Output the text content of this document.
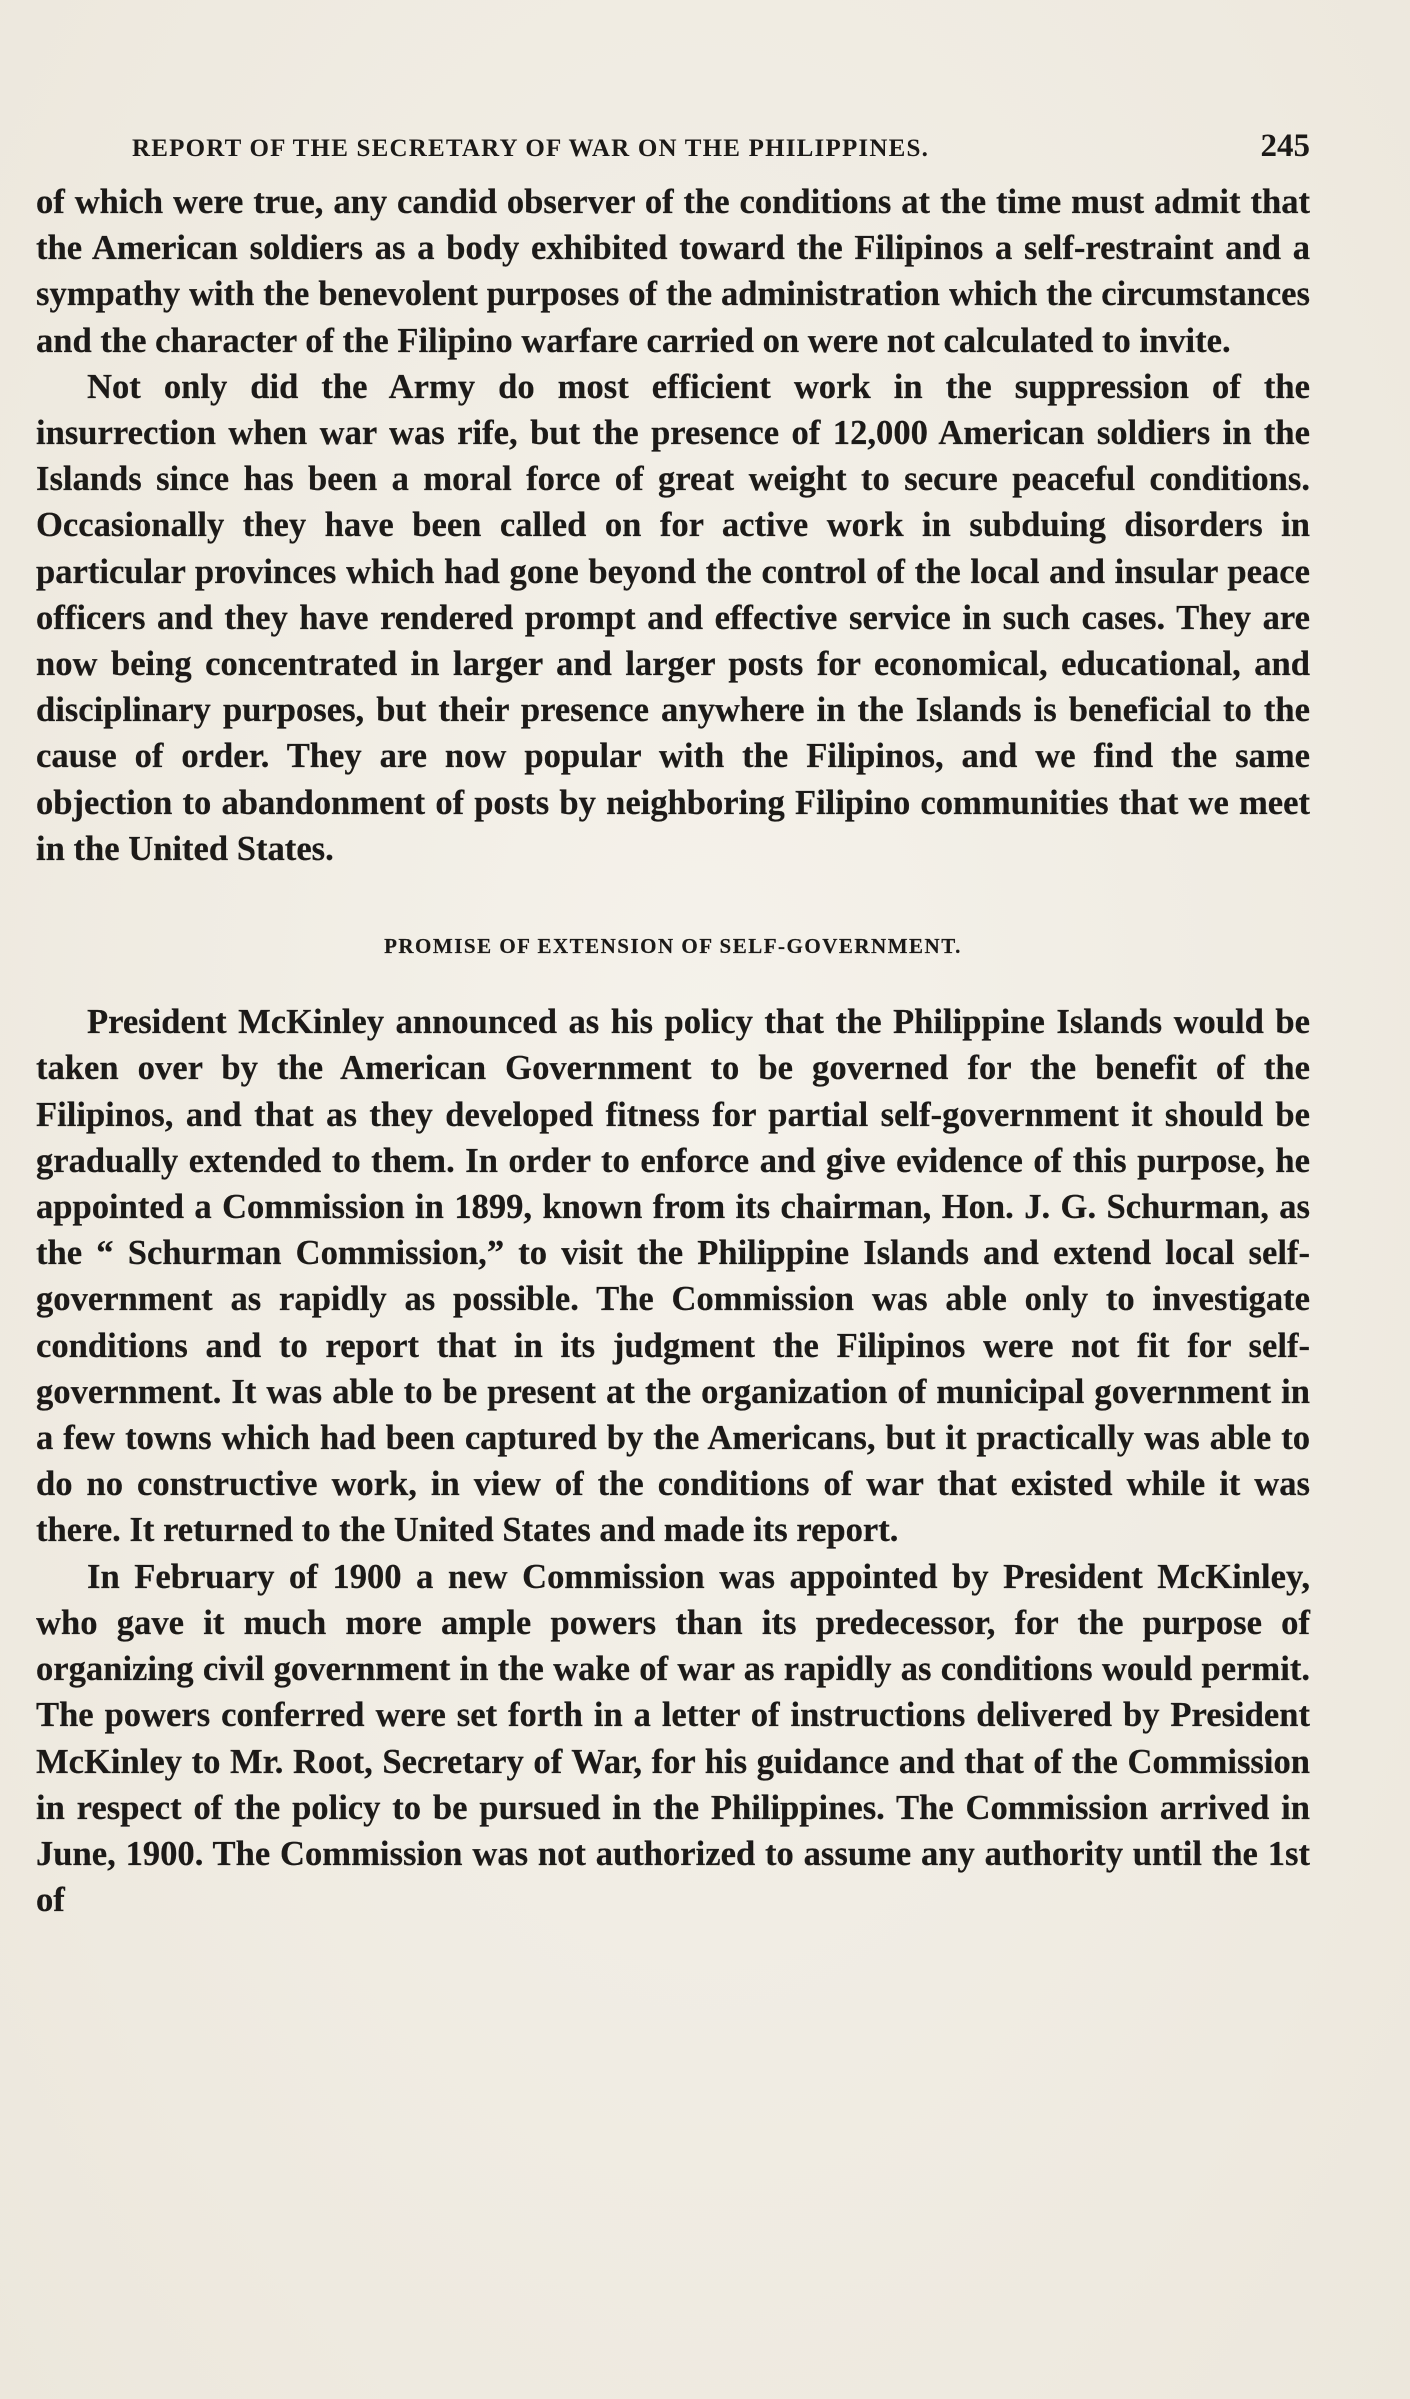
REPORT OF THE SECRETARY OF WAR ON THE PHILIPPINES.	245

of which were true, any candid observer of the conditions at the time must admit that the American soldiers as a body exhibited toward the Filipinos a self-restraint and a sympathy with the benevolent purposes of the administration which the circumstances and the character of the Filipino warfare carried on were not calculated to invite.

Not only did the Army do most efficient work in the suppression of the insurrection when war was rife, but the presence of 12,000 American soldiers in the Islands since has been a moral force of great weight to secure peaceful conditions. Occasionally they have been called on for active work in subduing disorders in particular provinces which had gone beyond the control of the local and insular peace officers and they have rendered prompt and effective service in such cases. They are now being concentrated in larger and larger posts for economical, educational, and disciplinary purposes, but their presence anywhere in the Islands is beneficial to the cause of order. They are now popular with the Filipinos, and we find the same objection to abandonment of posts by neighboring Filipino communities that we meet in the United States.

PROMISE OF EXTENSION OF SELF-GOVERNMENT.

President McKinley announced as his policy that the Philippine Islands would be taken over by the American Government to be governed for the benefit of the Filipinos, and that as they developed fitness for partial self-government it should be gradually extended to them. In order to enforce and give evidence of this purpose, he appointed a Commission in 1899, known from its chairman, Hon. J. G. Schurman, as the “ Schurman Commission,” to visit the Philippine Islands and extend local self-government as rapidly as possible. The Commission was able only to investigate conditions and to report that in its judgment the Filipinos were not fit for self-government. It was able to be present at the organization of municipal government in a few towns which had been captured by the Americans, but it practically was able to do no constructive work, in view of the conditions of war that existed while it was there. It returned to the United States and made its report.

In February of 1900 a new Commission was appointed by President McKinley, who gave it much more ample powers than its predecessor, for the purpose of organizing civil government in the wake of war as rapidly as conditions would permit. The powers conferred were set forth in a letter of instructions delivered by President McKinley to Mr. Root, Secretary of War, for his guidance and that of the Commission in respect of the policy to be pursued in the Philippines. The Commission arrived in June, 1900. The Commission was not authorized to assume any authority until the 1st of
